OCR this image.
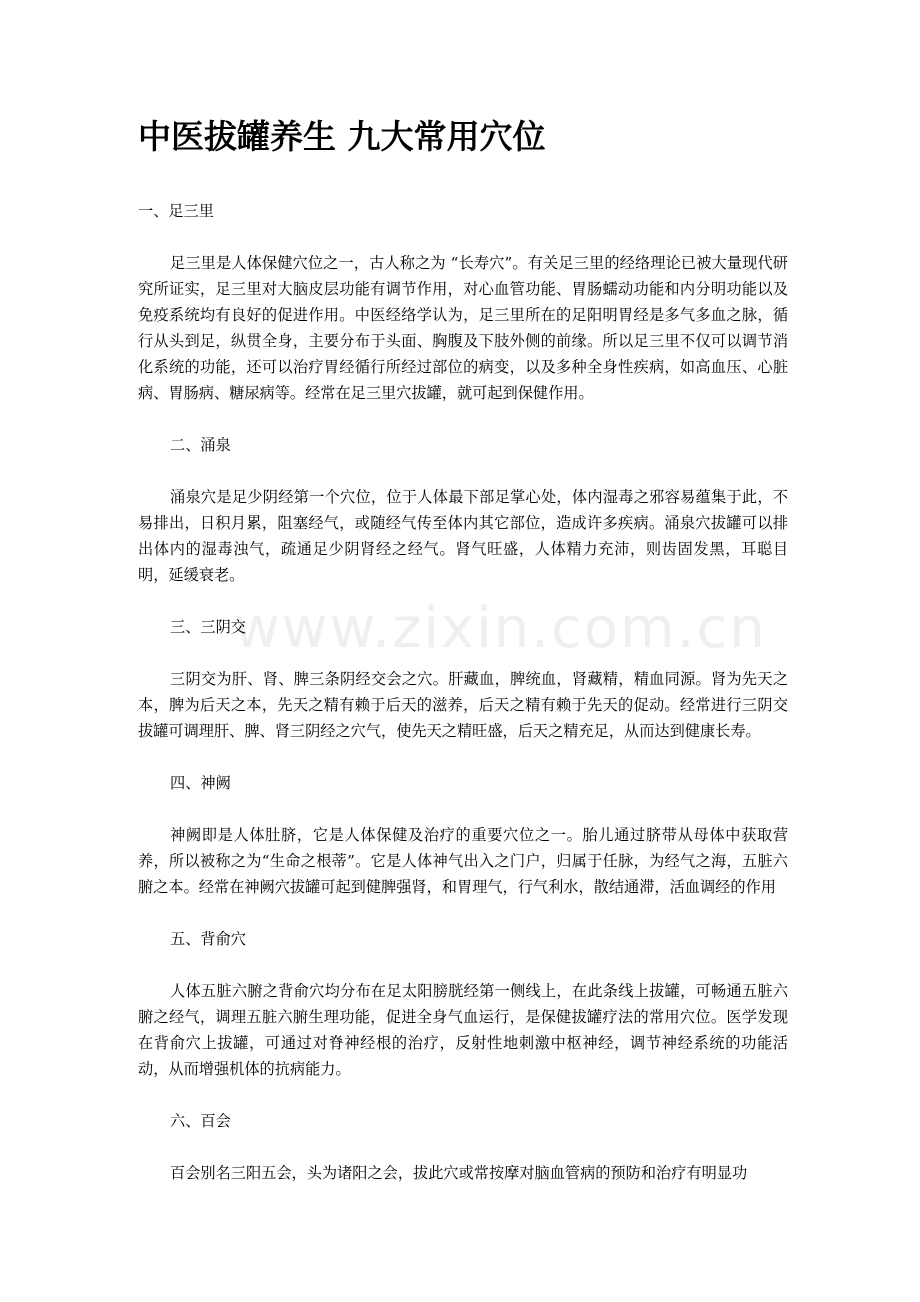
中医拔罐养生 九大常用穴位
www.zixin.com.cn

一、足三里

足三里是人体保健穴位之一，古人称之为 “长寿穴”。有关足三里的经络理论已被大量现代研究所证实，足三里对大脑皮层功能有调节作用，对心血管功能、胃肠蠕动功能和内分明功能以及免疫系统均有良好的促进作用。中医经络学认为，足三里所在的足阳明胃经是多气多血之脉，循行从头到足，纵贯全身，主要分布于头面、胸腹及下肢外侧的前缘。所以足三里不仅可以调节消化系统的功能，还可以治疗胃经循行所经过部位的病变，以及多种全身性疾病，如高血压、心脏病、胃肠病、糖尿病等。经常在足三里穴拔罐，就可起到保健作用。

二、涌泉

涌泉穴是足少阴经第一个穴位，位于人体最下部足掌心处，体内湿毒之邪容易蕴集于此，不易排出，日积月累，阻塞经气，或随经气传至体内其它部位，造成许多疾病。涌泉穴拔罐可以排出体内的湿毒浊气，疏通足少阴肾经之经气。肾气旺盛，人体精力充沛，则齿固发黑，耳聪目明，延缓衰老。

三、三阴交

三阴交为肝、肾、脾三条阴经交会之穴。肝藏血，脾统血，肾藏精，精血同源。肾为先天之本，脾为后天之本，先天之精有赖于后天的滋养，后天之精有赖于先天的促动。经常进行三阴交拔罐可调理肝、脾、肾三阴经之穴气，使先天之精旺盛，后天之精充足，从而达到健康长寿。

四、神阙

神阙即是人体肚脐，它是人体保健及治疗的重要穴位之一。胎儿通过脐带从母体中获取营养，所以被称之为“生命之根蒂”。它是人体神气出入之门户，归属于任脉，为经气之海，五脏六腑之本。经常在神阙穴拔罐可起到健脾强肾，和胃理气，行气利水，散结通滞，活血调经的作用

五、背俞穴

人体五脏六腑之背俞穴均分布在足太阳膀胱经第一侧线上，在此条线上拔罐，可畅通五脏六腑之经气，调理五脏六腑生理功能，促进全身气血运行，是保健拔罐疗法的常用穴位。医学发现在背俞穴上拔罐，可通过对脊神经根的治疗，反射性地刺激中枢神经，调节神经系统的功能活动，从而增强机体的抗病能力。

六、百会

百会别名三阳五会，头为诸阳之会，拔此穴或常按摩对脑血管病的预防和治疗有明显功
